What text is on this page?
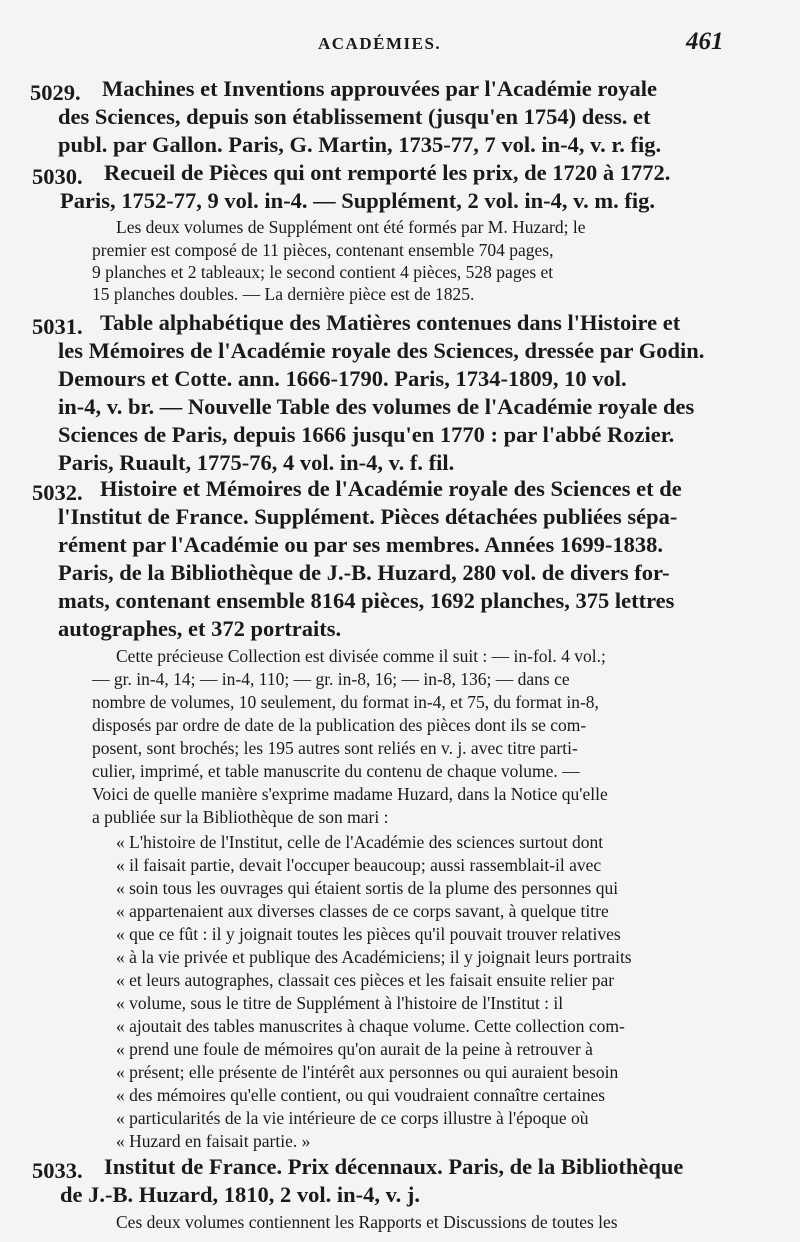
ACADÉMIES.	461
5029. Machines et Inventions approuvées par l'Académie royale
des Sciences, depuis son établissement (jusqu'en 1754) dess. et
publ. par Gallon. Paris, G. Martin, 1735-77, 7 vol. in-4, v. r. fig.
5030. Recueil de Pièces qui ont remporté les prix, de 1720 à 1772.
Paris, 1752-77, 9 vol. in-4. — Supplément, 2 vol. in-4, v. m. fig.
Les deux volumes de Supplément ont été formés par M. Huzard; le
premier est composé de 11 pièces, contenant ensemble 704 pages,
9 planches et 2 tableaux; le second contient 4 pièces, 528 pages et
15 planches doubles. — La dernière pièce est de 1825.
5031. Table alphabétique des Matières contenues dans l'Histoire et
les Mémoires de l'Académie royale des Sciences, dressée par Godin.
Demours et Cotte. ann. 1666-1790. Paris, 1734-1809, 10 vol.
in-4, v. br. — Nouvelle Table des volumes de l'Académie royale des
Sciences de Paris, depuis 1666 jusqu'en 1770 : par l'abbé Rozier.
Paris, Ruault, 1775-76, 4 vol. in-4, v. f. fil.
5032. Histoire et Mémoires de l'Académie royale des Sciences et de
l'Institut de France. Supplément. Pièces détachées publiées sépa-
rément par l'Académie ou par ses membres. Années 1699-1838.
Paris, de la Bibliothèque de J.-B. Huzard, 280 vol. de divers for-
mats, contenant ensemble 8164 pièces, 1692 planches, 375 lettres
autographes, et 372 portraits.
Cette précieuse Collection est divisée comme il suit : — in-fol. 4 vol.;
— gr. in-4, 14; — in-4, 110; — gr. in-8, 16; — in-8, 136; — dans ce
nombre de volumes, 10 seulement, du format in-4, et 75, du format in-8,
disposés par ordre de date de la publication des pièces dont ils se com-
posent, sont brochés; les 195 autres sont reliés en v. j. avec titre parti-
culier, imprimé, et table manuscrite du contenu de chaque volume. —
Voici de quelle manière s'exprime madame Huzard, dans la Notice qu'elle
a publiée sur la Bibliothèque de son mari :
« L'histoire de l'Institut, celle de l'Académie des sciences surtout dont
« il faisait partie, devait l'occuper beaucoup; aussi rassemblait-il avec
« soin tous les ouvrages qui étaient sortis de la plume des personnes qui
« appartenaient aux diverses classes de ce corps savant, à quelque titre
« que ce fût : il y joignait toutes les pièces qu'il pouvait trouver relatives
« à la vie privée et publique des Académiciens; il y joignait leurs portraits
« et leurs autographes, classait ces pièces et les faisait ensuite relier par
« volume, sous le titre de Supplément à l'histoire de l'Institut : il
« ajoutait des tables manuscrites à chaque volume. Cette collection com-
« prend une foule de mémoires qu'on aurait de la peine à retrouver à
« présent; elle présente de l'intérêt aux personnes ou qui auraient besoin
« des mémoires qu'elle contient, ou qui voudraient connaître certaines
« particularités de la vie intérieure de ce corps illustre à l'époque où
« Huzard en faisait partie. »
5033. Institut de France. Prix décennaux. Paris, de la Bibliothèque
de J.-B. Huzard, 1810, 2 vol. in-4, v. j.
Ces deux volumes contiennent les Rapports et Discussions de toutes les
